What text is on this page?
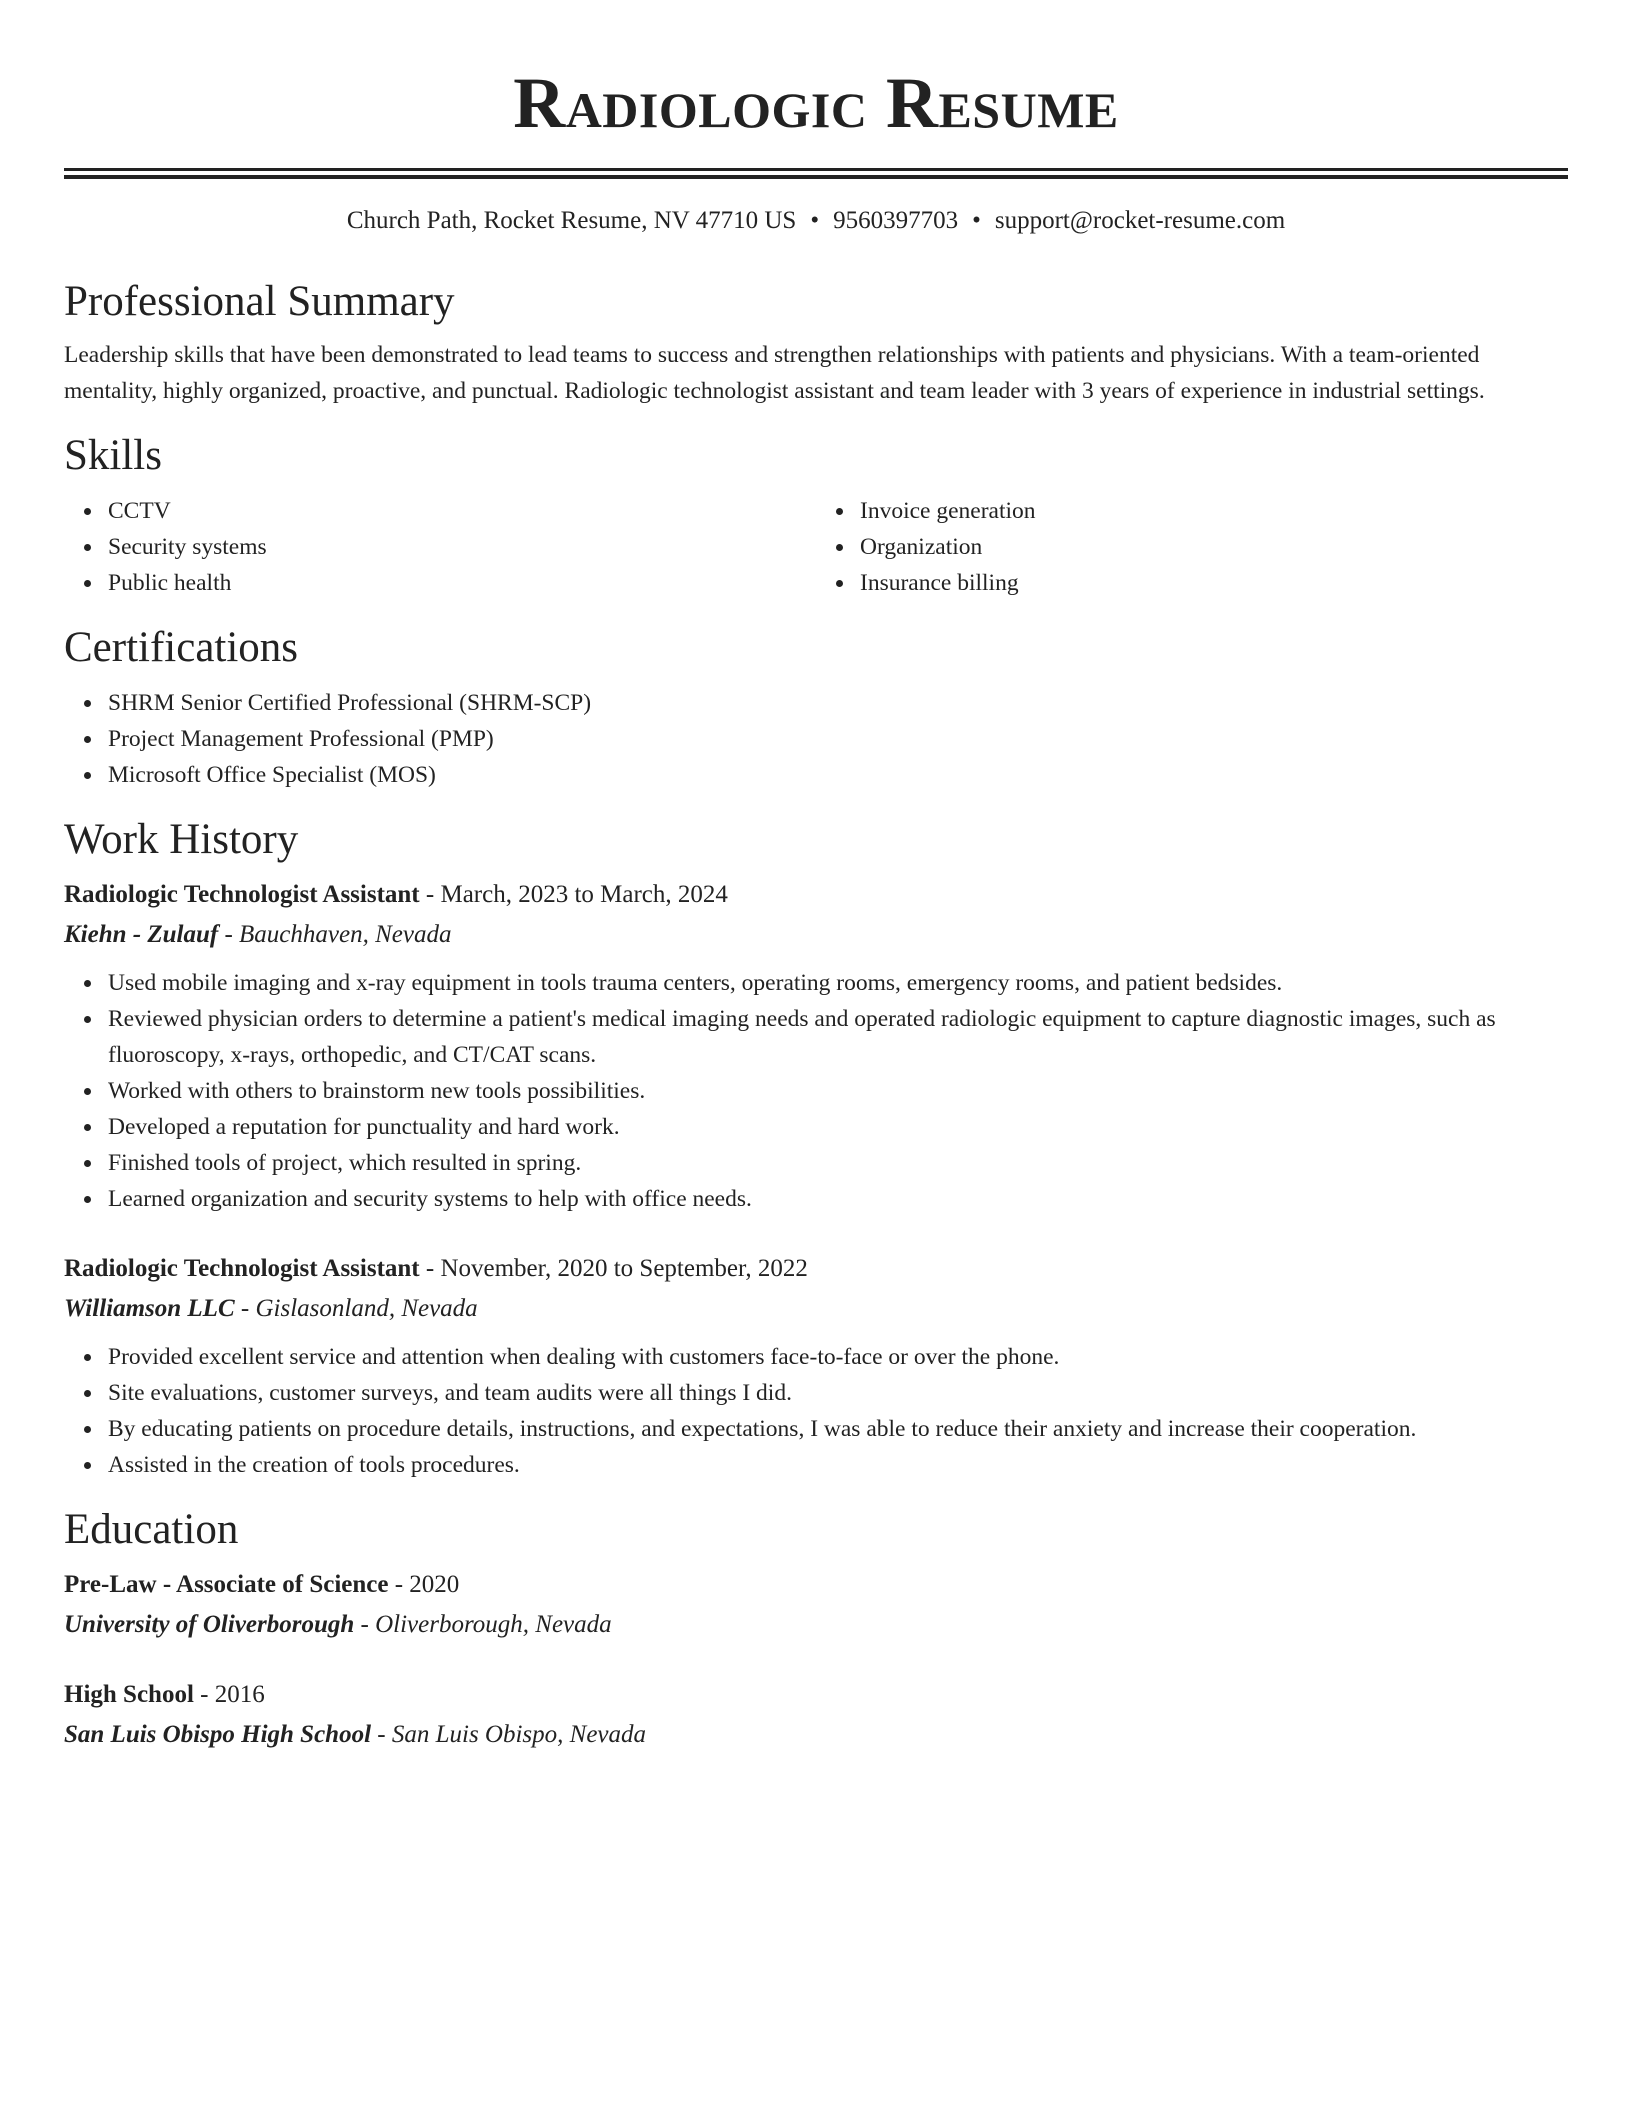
Radiologic Resume
Church Path, Rocket Resume, NV 47710 US • 9560397703 • support@rocket-resume.com
Professional Summary

Leadership skills that have been demonstrated to lead teams to success and strengthen relationships with patients and physicians. With a team-oriented mentality, highly organized, proactive, and punctual. Radiologic technologist assistant and team leader with 3 years of experience in industrial settings.

Skills
CCTV
Security systems
Public health
Invoice generation
Organization
Insurance billing
Certifications
SHRM Senior Certified Professional (SHRM-SCP)
Project Management Professional (PMP)
Microsoft Office Specialist (MOS)
Work History

Radiologic Technologist Assistant - March, 2023 to March, 2024

Kiehn - Zulauf - Bauchhaven, Nevada

Used mobile imaging and x-ray equipment in tools trauma centers, operating rooms, emergency rooms, and patient bedsides.
Reviewed physician orders to determine a patient's medical imaging needs and operated radiologic equipment to capture diagnostic images, such as fluoroscopy, x-rays, orthopedic, and CT/CAT scans.
Worked with others to brainstorm new tools possibilities.
Developed a reputation for punctuality and hard work.
Finished tools of project, which resulted in spring.
Learned organization and security systems to help with office needs.

Radiologic Technologist Assistant - November, 2020 to September, 2022

Williamson LLC - Gislasonland, Nevada

Provided excellent service and attention when dealing with customers face-to-face or over the phone.
Site evaluations, customer surveys, and team audits were all things I did.
By educating patients on procedure details, instructions, and expectations, I was able to reduce their anxiety and increase their cooperation.
Assisted in the creation of tools procedures.
Education

Pre-Law - Associate of Science - 2020

University of Oliverborough - Oliverborough, Nevada

High School - 2016

San Luis Obispo High School - San Luis Obispo, Nevada
